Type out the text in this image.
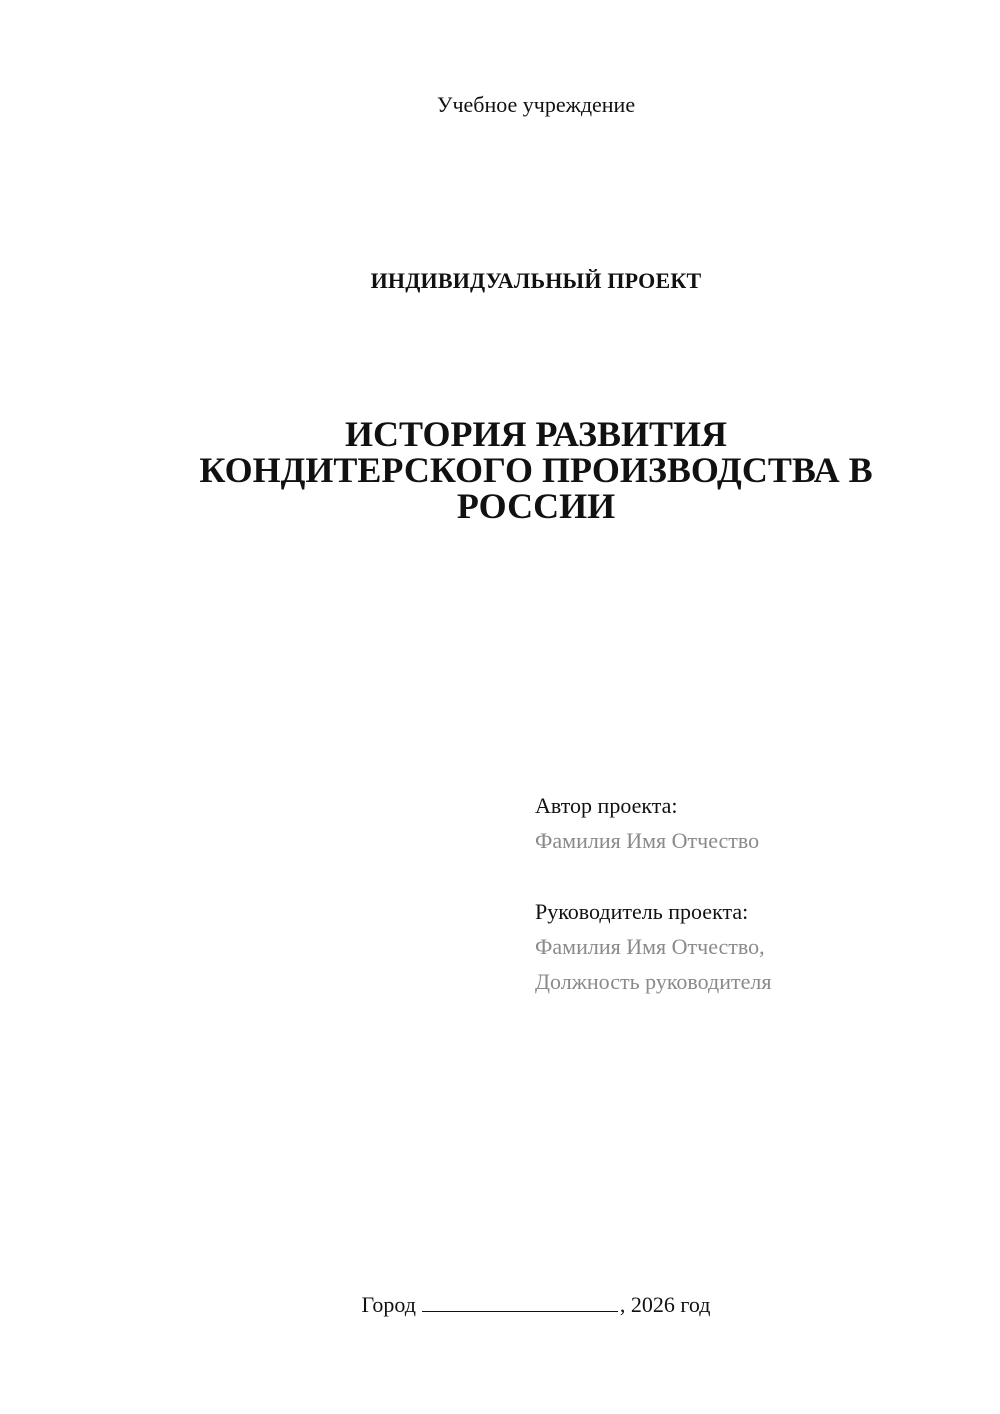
Учебное учреждение
ИНДИВИДУАЛЬНЫЙ ПРОЕКТ
ИСТОРИЯ РАЗВИТИЯ
КОНДИТЕРСКОГО ПРОИЗВОДСТВА В
РОССИИ
Автор проекта:
Фамилия Имя Отчество
Руководитель проекта:
Фамилия Имя Отчество,
Должность руководителя
Город	, 2026 год
